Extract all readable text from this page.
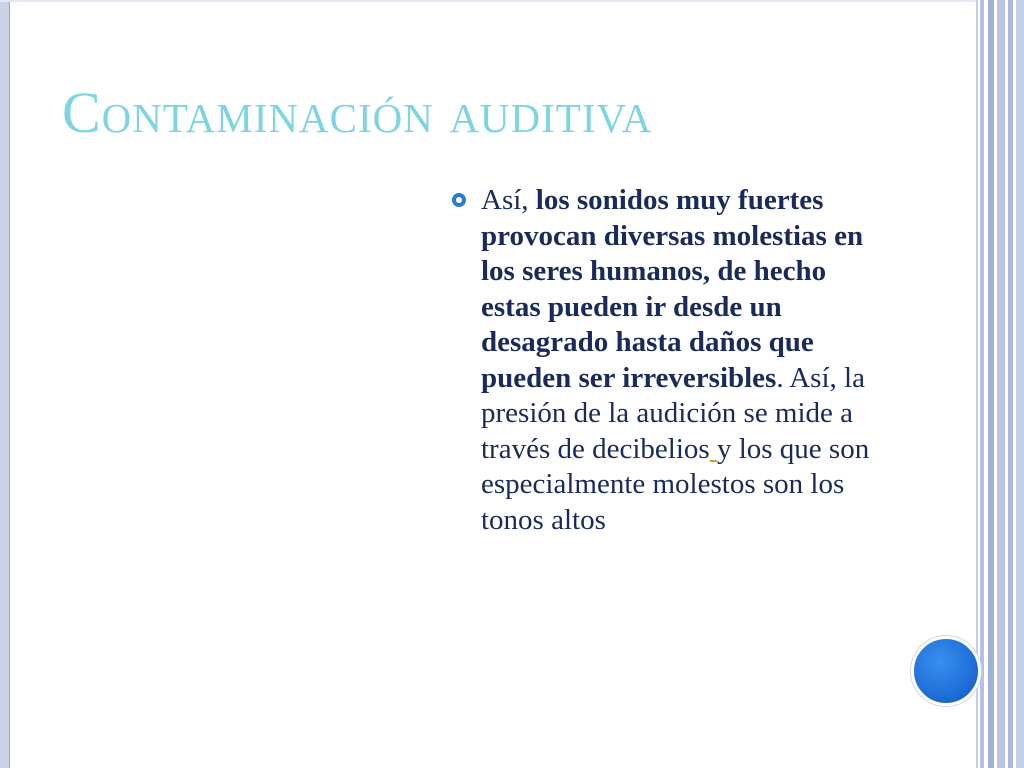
Contaminación auditiva
Así, los sonidos muy fuertes provocan diversas molestias en los seres humanos, de hecho estas pueden ir desde un desagrado hasta daños que pueden ser irreversibles. Así, la presión de la audición se mide a través de decibelios y los que son especialmente molestos son los tonos altos
